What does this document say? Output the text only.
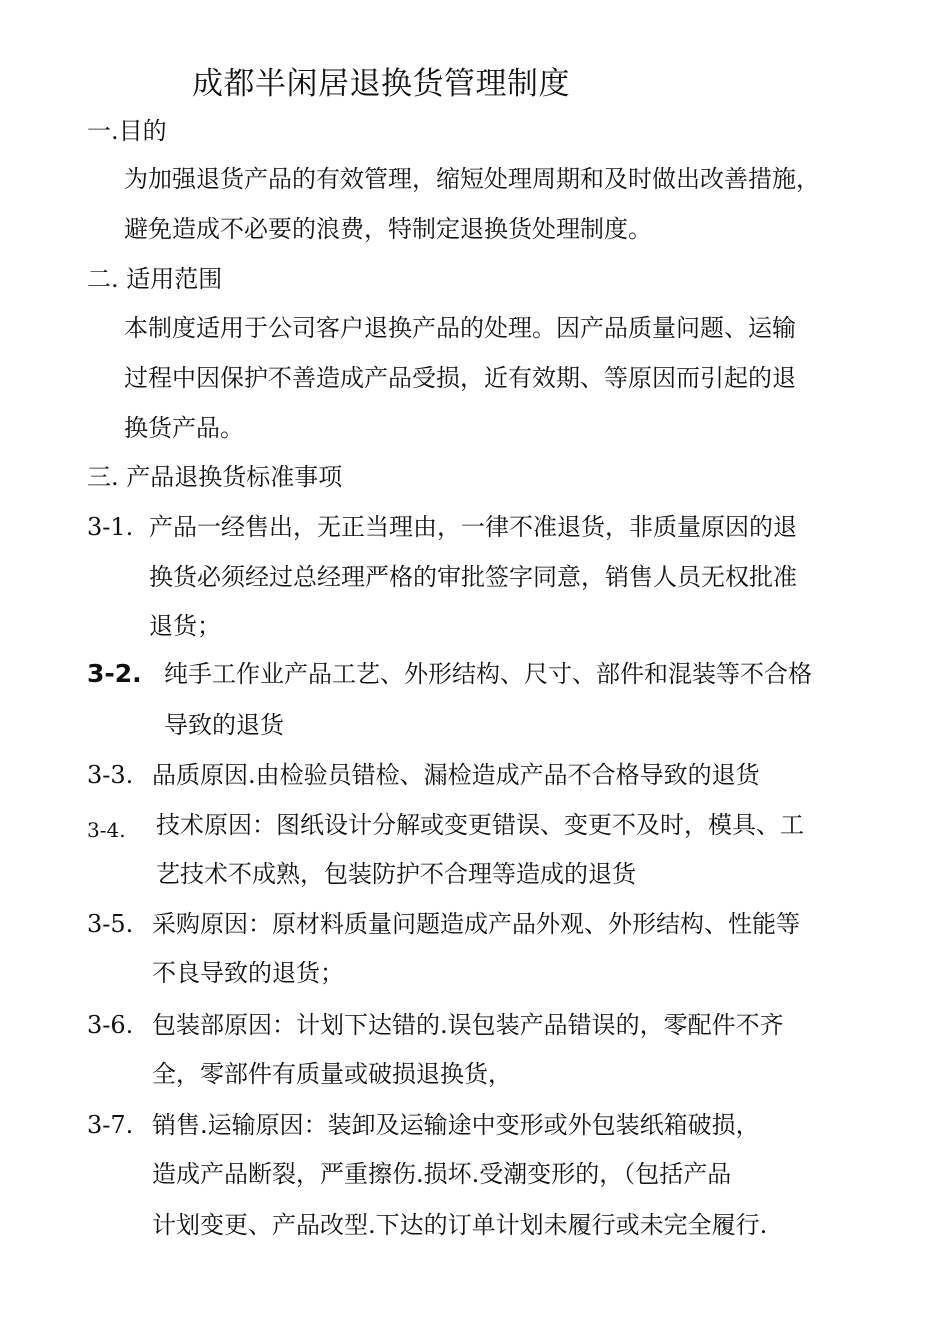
成都半闲居退换货管理制度
一.目的
为加强退货产品的有效管理，缩短处理周期和及时做出改善措施，
避免造成不必要的浪费，特制定退换货处理制度。
二. 适用范围
本制度适用于公司客户退换产品的处理。因产品质量问题、运输
过程中因保护不善造成产品受损，近有效期、等原因而引起的退
换货产品。
三. 产品退换货标准事项
3-1. 产品一经售出，无正当理由，一律不准退货，非质量原因的退
换货必须经过总经理严格的审批签字同意，销售人员无权批准
退货；
3-2. 纯手工作业产品工艺、外形结构、尺寸、部件和混装等不合格
导致的退货
3-3. 品质原因.由检验员错检、漏检造成产品不合格导致的退货
3-4. 技术原因：图纸设计分解或变更错误、变更不及时，模具、工
艺技术不成熟，包装防护不合理等造成的退货
3-5. 采购原因：原材料质量问题造成产品外观、外形结构、性能等
不良导致的退货；
3-6. 包装部原因：计划下达错的.误包装产品错误的，零配件不齐
全，零部件有质量或破损退换货，
3-7. 销售.运输原因：装卸及运输途中变形或外包装纸箱破损，
造成产品断裂，严重擦伤.损坏.受潮变形的，（包括产品
计划变更、产品改型.下达的订单计划未履行或未完全履行.
